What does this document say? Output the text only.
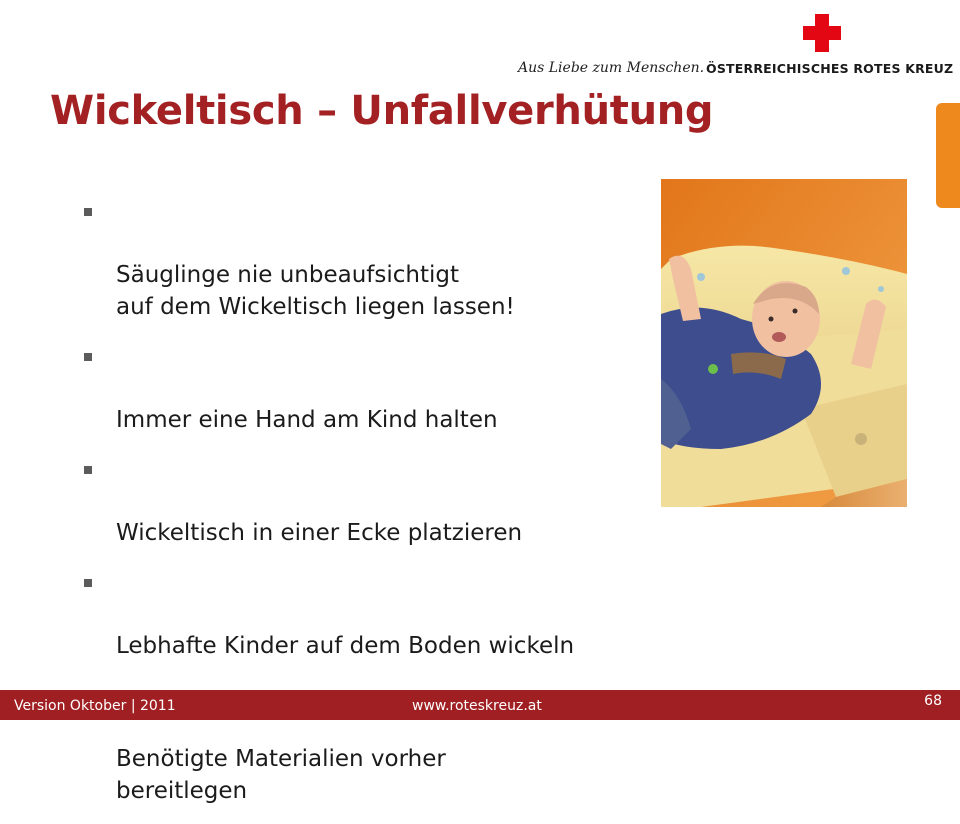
Aus Liebe zum Menschen. ÖSTERREICHISCHES ROTES KREUZ
Wickeltisch – Unfallverhütung

Säuglinge nie unbeaufsichtigt
auf dem Wickeltisch liegen lassen!

Immer eine Hand am Kind halten

Wickeltisch in einer Ecke platzieren

Lebhafte Kinder auf dem Boden wickeln

Benötigte Materialien vorher
bereitlegen

Version Oktober | 2011	www.roteskreuz.at	68
